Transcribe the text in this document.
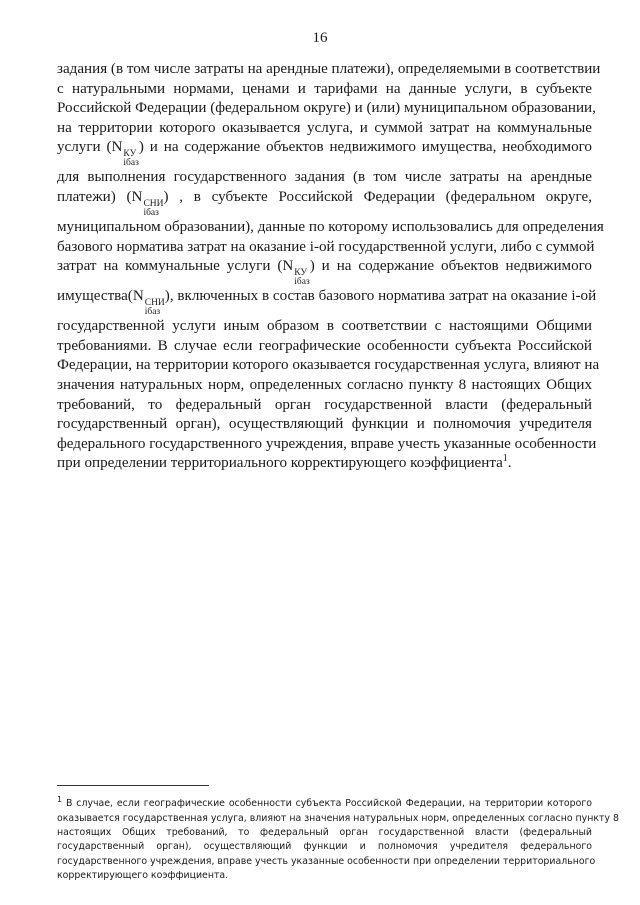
16
задания (в том числе затраты на арендные платежи), определяемыми в соответствии
с натуральными нормами, ценами и тарифами на данные услуги, в субъекте
Российской Федерации (федеральном округе) и (или) муниципальном образовании,
на территории которого оказывается услуга, и суммой затрат на коммунальные
услуги (N КУ
iбаз
) и на содержание объектов недвижимого имущества, необходимого
для выполнения государственного задания (в том числе затраты на арендные
платежи) (N СНИ
iбаз
) , в субъекте Российской Федерации (федеральном округе,
муниципальном образовании), данные по которому использовались для определения
базового норматива затрат на оказание i-ой государственной услуги, либо с суммой
затрат на коммунальные услуги (N КУ
iбаз
) и на содержание объектов недвижимого
имущества(N СНИ
iбаз
), включенных в состав базового норматива затрат на оказание i-ой
государственной услуги иным образом в соответствии с настоящими Общими
требованиями. В случае если географические особенности субъекта Российской
Федерации, на территории которого оказывается государственная услуга, влияют на
значения натуральных норм, определенных согласно пункту 8 настоящих Общих
требований, то федеральный орган государственной власти (федеральный
государственный орган), осуществляющий функции и полномочия учредителя
федерального государственного учреждения, вправе учесть указанные особенности
при определении территориального корректирующего коэффициента$^1$.
$^1$ В случае, если географические особенности субъекта Российской Федерации, на территории которого
оказывается государственная услуга, влияют на значения натуральных норм, определенных согласно пункту 8
настоящих Общих требований, то федеральный орган государственной власти (федеральный
государственный орган), осуществляющий функции и полномочия учредителя федерального
государственного учреждения, вправе учесть указанные особенности при определении территориального
корректирующего коэффициента.
